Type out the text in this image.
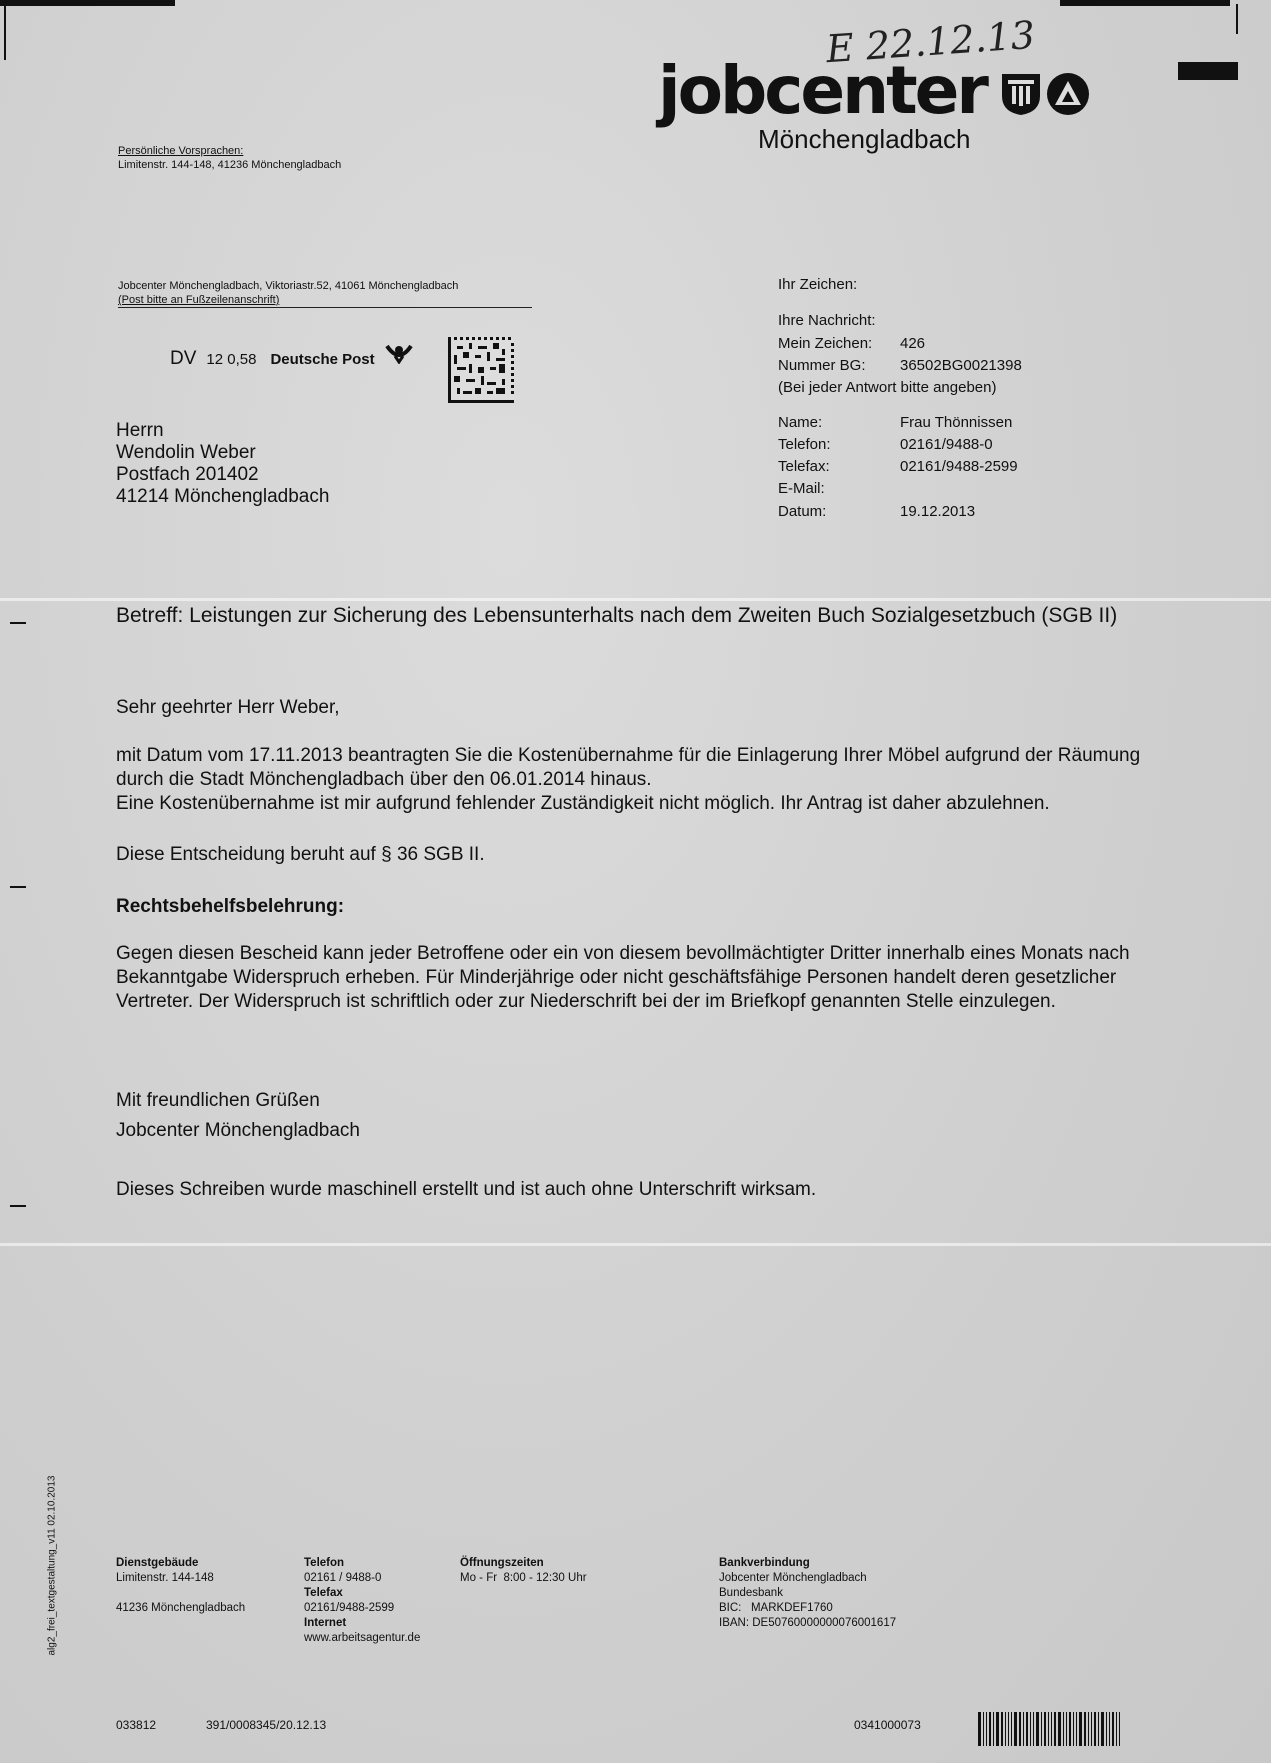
E 22.12.13
jobcenter
Mönchengladbach
Persönliche Vorsprachen:
Limitenstr. 144-148, 41236 Mönchengladbach
Jobcenter Mönchengladbach, Viktoriastr.52, 41061 Mönchengladbach
(Post bitte an Fußzeilenanschrift)
DV 12 0,58 Deutsche Post
Herrn
Wendolin Weber
Postfach 201402
41214 Mönchengladbach
Ihr Zeichen:
Ihre Nachricht:
Mein Zeichen: 426
Nummer BG: 36502BG0021398
(Bei jeder Antwort bitte angeben)
Name:	Frau Thönnissen
Telefon:	02161/9488-0
Telefax:	02161/9488-2599
E-Mail:
Datum:	19.12.2013
Betreff: Leistungen zur Sicherung des Lebensunterhalts nach dem Zweiten Buch Sozialgesetzbuch (SGB II)
Sehr geehrter Herr Weber,
mit Datum vom 17.11.2013 beantragten Sie die Kostenübernahme für die Einlagerung Ihrer Möbel aufgrund der Räumung durch die Stadt Mönchengladbach über den 06.01.2014 hinaus.
Eine Kostenübernahme ist mir aufgrund fehlender Zuständigkeit nicht möglich. Ihr Antrag ist daher abzulehnen.
Diese Entscheidung beruht auf § 36 SGB II.
Rechtsbehelfsbelehrung:
Gegen diesen Bescheid kann jeder Betroffene oder ein von diesem bevollmächtigter Dritter innerhalb eines Monats nach Bekanntgabe Widerspruch erheben. Für Minderjährige oder nicht geschäftsfähige Personen handelt deren gesetzlicher Vertreter. Der Widerspruch ist schriftlich oder zur Niederschrift bei der im Briefkopf genannten Stelle einzulegen.
Mit freundlichen Grüßen
Jobcenter Mönchengladbach
Dieses Schreiben wurde maschinell erstellt und ist auch ohne Unterschrift wirksam.
alg2_frei_textgestaltung_v11 02.10.2013	Dienstgebäude
Limitenstr. 144-148
41236 Mönchengladbach
Telefon
02161 / 9488-0
Telefax
02161/9488-2599
Internet
www.arbeitsagentur.de
Öffnungszeiten
Mo - Fr  8:00 - 12:30 Uhr
Bankverbindung
Jobcenter Mönchengladbach
Bundesbank
BIC:   MARKDEF1760
IBAN: DE50760000000076001617
033812	391/0008345/20.12.13	0341000073
